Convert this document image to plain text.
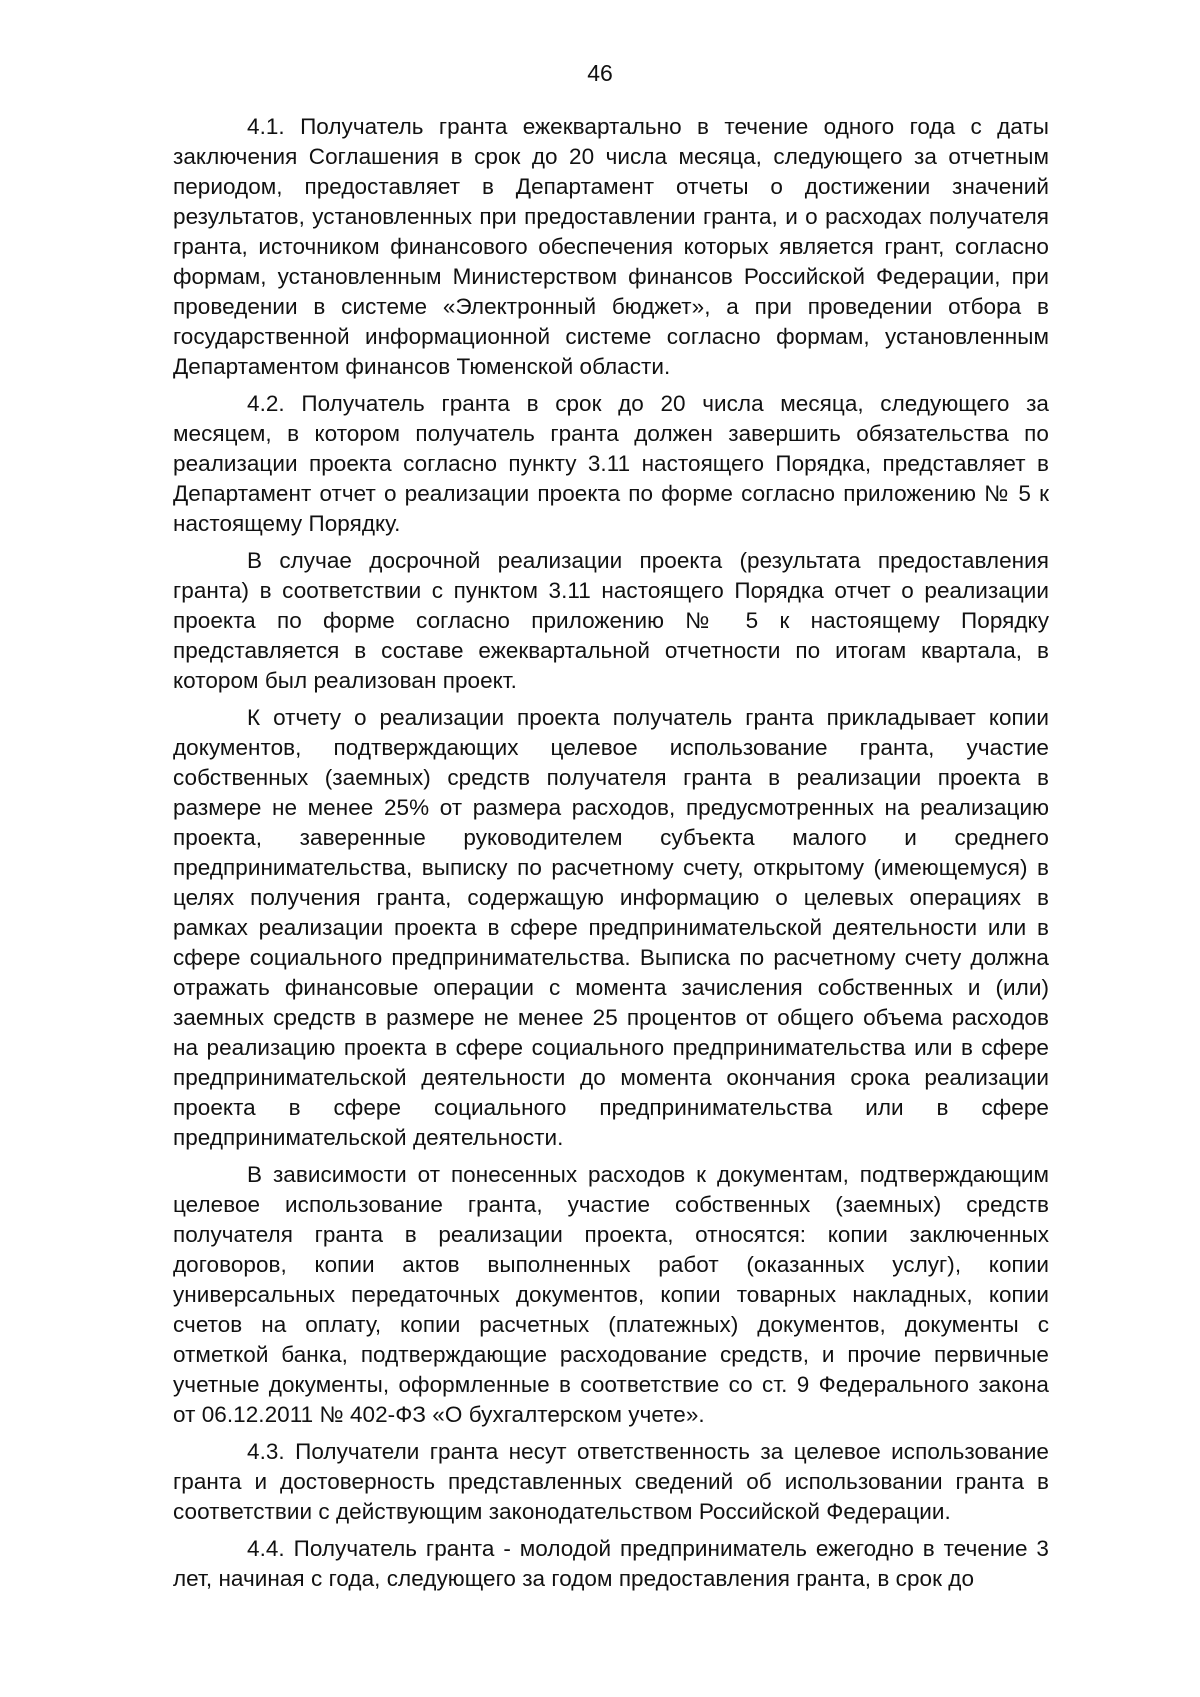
46

4.1. Получатель гранта ежеквартально в течение одного года с даты заключения Соглашения в срок до 20 числа месяца, следующего за отчетным периодом, предоставляет в Департамент отчеты о достижении значений результатов, установленных при предоставлении гранта, и о расходах получателя гранта, источником финансового обеспечения которых является грант, согласно формам, установленным Министерством финансов Российской Федерации, при проведении в системе «Электронный бюджет», а при проведении отбора в государственной информационной системе согласно формам, установленным Департаментом финансов Тюменской области.

4.2. Получатель гранта в срок до 20 числа месяца, следующего за месяцем, в котором получатель гранта должен завершить обязательства по реализации проекта согласно пункту 3.11 настоящего Порядка, представляет в Департамент отчет о реализации проекта по форме согласно приложению № 5 к настоящему Порядку.

В случае досрочной реализации проекта (результата предоставления гранта) в соответствии с пунктом 3.11 настоящего Порядка отчет о реализации проекта по форме согласно приложению № 5 к настоящему Порядку представляется в составе ежеквартальной отчетности по итогам квартала, в котором был реализован проект.

К отчету о реализации проекта получатель гранта прикладывает копии документов, подтверждающих целевое использование гранта, участие собственных (заемных) средств получателя гранта в реализации проекта в размере не менее 25% от размера расходов, предусмотренных на реализацию проекта, заверенные руководителем субъекта малого и среднего предпринимательства, выписку по расчетному счету, открытому (имеющемуся) в целях получения гранта, содержащую информацию о целевых операциях в рамках реализации проекта в сфере предпринимательской деятельности или в сфере социального предпринимательства. Выписка по расчетному счету должна отражать финансовые операции с момента зачисления собственных и (или) заемных средств в размере не менее 25 процентов от общего объема расходов на реализацию проекта в сфере социального предпринимательства или в сфере предпринимательской деятельности до момента окончания срока реализации проекта в сфере социального предпринимательства или в сфере предпринимательской деятельности.

В зависимости от понесенных расходов к документам, подтверждающим целевое использование гранта, участие собственных (заемных) средств получателя гранта в реализации проекта, относятся: копии заключенных договоров, копии актов выполненных работ (оказанных услуг), копии универсальных передаточных документов, копии товарных накладных, копии счетов на оплату, копии расчетных (платежных) документов, документы с отметкой банка, подтверждающие расходование средств, и прочие первичные учетные документы, оформленные в соответствие со ст. 9 Федерального закона от 06.12.2011 № 402-ФЗ «О бухгалтерском учете».

4.3. Получатели гранта несут ответственность за целевое использование гранта и достоверность представленных сведений об использовании гранта в соответствии с действующим законодательством Российской Федерации.

4.4. Получатель гранта - молодой предприниматель ежегодно в течение 3 лет, начиная с года, следующего за годом предоставления гранта, в срок до
